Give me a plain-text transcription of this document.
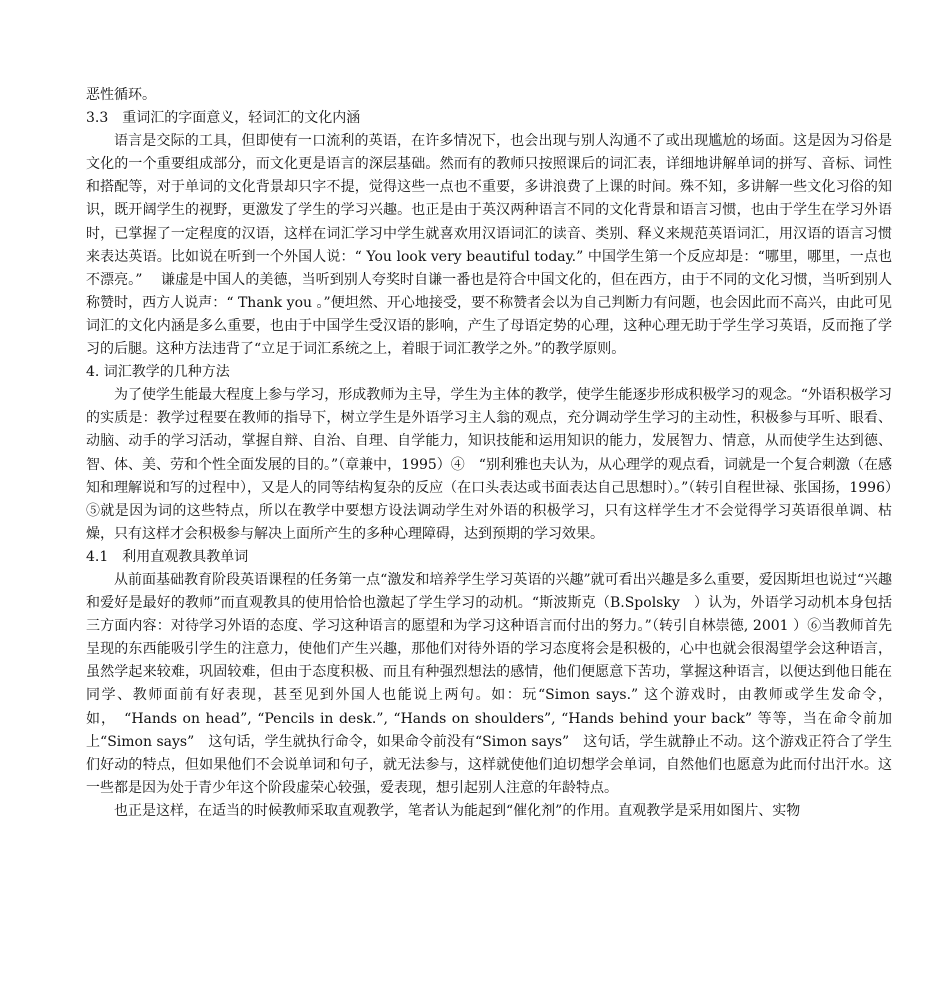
恶性循环。

3.3　重词汇的字面意义，轻词汇的文化内涵

语言是交际的工具，但即使有一口流利的英语，在许多情况下，也会出现与别人沟通不了或出现尴尬的场面。这是因为习俗是文化的一个重要组成部分，而文化更是语言的深层基础。然而有的教师只按照课后的词汇表，详细地讲解单词的拼写、音标、词性和搭配等，对于单词的文化背景却只字不提，觉得这些一点也不重要，多讲浪费了上课的时间。殊不知，多讲解一些文化习俗的知识，既开阔学生的视野，更激发了学生的学习兴趣。也正是由于英汉两种语言不同的文化背景和语言习惯，也由于学生在学习外语时，已掌握了一定程度的汉语，这样在词汇学习中学生就喜欢用汉语词汇的读音、类别、释义来规范英语词汇，用汉语的语言习惯来表达英语。比如说在听到一个外国人说：“ You look very beautiful today.” 中国学生第一个反应却是：“哪里，哪里，一点也不漂亮。”　 谦虚是中国人的美德，当听到别人夸奖时自谦一番也是符合中国文化的，但在西方，由于不同的文化习惯，当听到别人称赞时，西方人说声：“ Thank you 。”便坦然、开心地接受，要不称赞者会以为自己判断力有问题，也会因此而不高兴，由此可见词汇的文化内涵是多么重要，也由于中国学生受汉语的影响，产生了母语定势的心理，这种心理无助于学生学习英语，反而拖了学习的后腿。这种方法违背了“立足于词汇系统之上，着眼于词汇教学之外。”的教学原则。

4. 词汇教学的几种方法

为了使学生能最大程度上参与学习，形成教师为主导，学生为主体的教学，使学生能逐步形成积极学习的观念。“外语积极学习的实质是：教学过程要在教师的指导下，树立学生是外语学习主人翁的观点，充分调动学生学习的主动性，积极参与耳听、眼看、动脑、动手的学习活动，掌握自辩、自治、自理、自学能力，知识技能和运用知识的能力，发展智力、情意，从而使学生达到德、智、体、美、劳和个性全面发展的目的。”（章兼中，1995）④　“别利雅也夫认为，从心理学的观点看，词就是一个复合刺激（在感知和理解说和写的过程中），又是人的同等结构复杂的反应（在口头表达或书面表达自己思想时）。”（转引自程世禄、张国扬，1996）⑤就是因为词的这些特点，所以在教学中要想方设法调动学生对外语的积极学习，只有这样学生才不会觉得学习英语很单调、枯燥，只有这样才会积极参与解决上面所产生的多种心理障碍，达到预期的学习效果。

4.1　利用直观教具教单词

从前面基础教育阶段英语课程的任务第一点“激发和培养学生学习英语的兴趣”就可看出兴趣是多么重要，爱因斯坦也说过“兴趣和爱好是最好的教师”而直观教具的使用恰恰也激起了学生学习的动机。“斯波斯克（B.Spolsky　）认为，外语学习动机本身包括三方面内容：对待学习外语的态度、学习这种语言的愿望和为学习这种语言而付出的努力。”（转引自林崇德, 2001 ）⑥当教师首先呈现的东西能吸引学生的注意力，使他们产生兴趣，那他们对待外语的学习态度将会是积极的，心中也就会很渴望学会这种语言，虽然学起来较难，巩固较难，但由于态度积极、而且有种强烈想法的感情，他们便愿意下苦功，掌握这种语言，以便达到他日能在同学、教师面前有好表现，甚至见到外国人也能说上两句。如：玩“Simon says.” 这个游戏时，由教师或学生发命令，如，　“Hands on head”, “Pencils in desk.”, “Hands on shoulders”, “Hands behind your back” 等等，当在命令前加上“Simon says”　这句话，学生就执行命令，如果命令前没有“Simon says”　这句话，学生就静止不动。这个游戏正符合了学生们好动的特点，但如果他们不会说单词和句子，就无法参与，这样就使他们迫切想学会单词，自然他们也愿意为此而付出汗水。这一些都是因为处于青少年这个阶段虚荣心较强，爱表现，想引起别人注意的年龄特点。

也正是这样，在适当的时候教师采取直观教学，笔者认为能起到“催化剂”的作用。直观教学是采用如图片、实物
